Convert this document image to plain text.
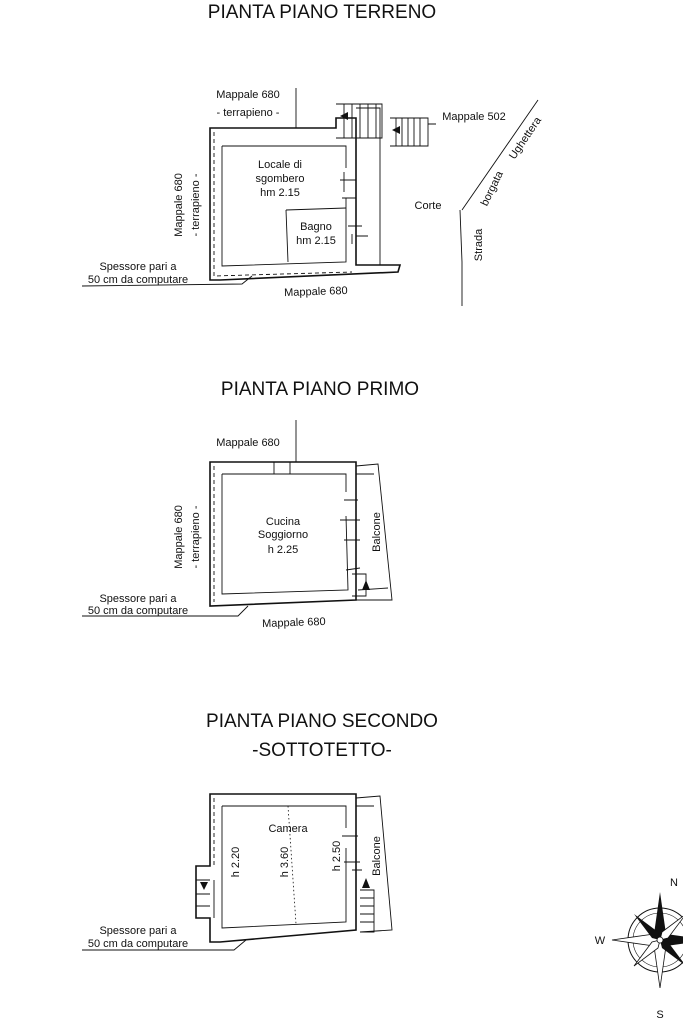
PIANTA PIANO TERRENO
Mappale 680
- terrapieno -	Mappale 502
Mappale 680 - terrapieno -
Locale di
sgombero
hm 2.15
Bagno
hm 2.15
Corte
Strada
borgata
Ughettera
Spessore pari a
50 cm da computare
Mappale 680
PIANTA PIANO PRIMO
Mappale 680
Mappale 680 - terrapieno -	Cucina
Soggiorno
h 2.25	Balcone
Spessore pari a
50 cm da computare
Mappale 680
PIANTA PIANO SECONDO
-SOTTOTETTO-
Camera
h 2.20	h 3.60	h 2.50	Balcone
Spessore pari a
50 cm da computare
N
W
S
